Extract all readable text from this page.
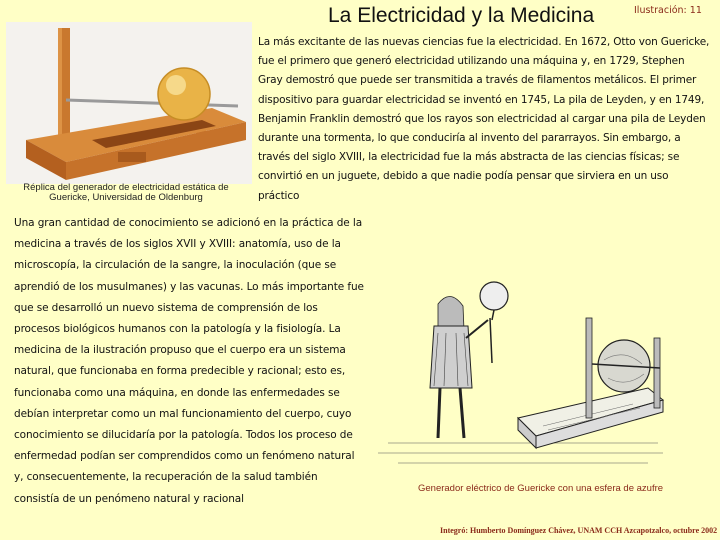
La Electricidad y la Medicina	Ilustración: 11
Réplica del generador de electricidad estática de Guericke, Universidad de Oldenburg
La más excitante de las nuevas ciencias fue la electricidad. En 1672, Otto von Guericke, fue el primero que generó electricidad utilizando una máquina y, en 1729, Stephen Gray demostró que puede ser transmitida a través de filamentos metálicos. El primer dispositivo para guardar electricidad se inventó en 1745, La pila de Leyden, y en 1749, Benjamin Franklin demostró que los rayos son electricidad al cargar una pila de Leyden durante una tormenta, lo que conduciría al invento del pararrayos. Sin embargo, a través del siglo XVIII, la electricidad fue la más abstracta de las ciencias físicas; se convirtió en un juguete, debido a que nadie podía pensar que sirviera en un uso práctico
Una gran cantidad de conocimiento se adicionó en la práctica de la medicina a través de los siglos XVII y XVIII: anatomía, uso de la microscopía, la circulación de la sangre, la inoculación (que se aprendió de los musulmanes) y las vacunas. Lo más importante fue que se desarrolló un nuevo sistema de comprensión de los procesos biológicos humanos con la patología y la fisiología. La medicina de la ilustración propuso que el cuerpo era un sistema natural, que funcionaba en forma predecible y racional; esto es, funcionaba como una máquina, en donde las enfermedades se debían interpretar como un mal funcionamiento del cuerpo, cuyo conocimiento se dilucidaría por la patología. Todos los proceso de enfermedad podían ser comprendidos como un fenómeno natural y, consecuentemente, la recuperación de la salud también consistía de un penómeno natural y racional
Generador eléctrico de Guericke con una esfera de azufre
Integró: Humberto Domínguez Chávez, UNAM CCH Azcapotzalco, octubre 2002
